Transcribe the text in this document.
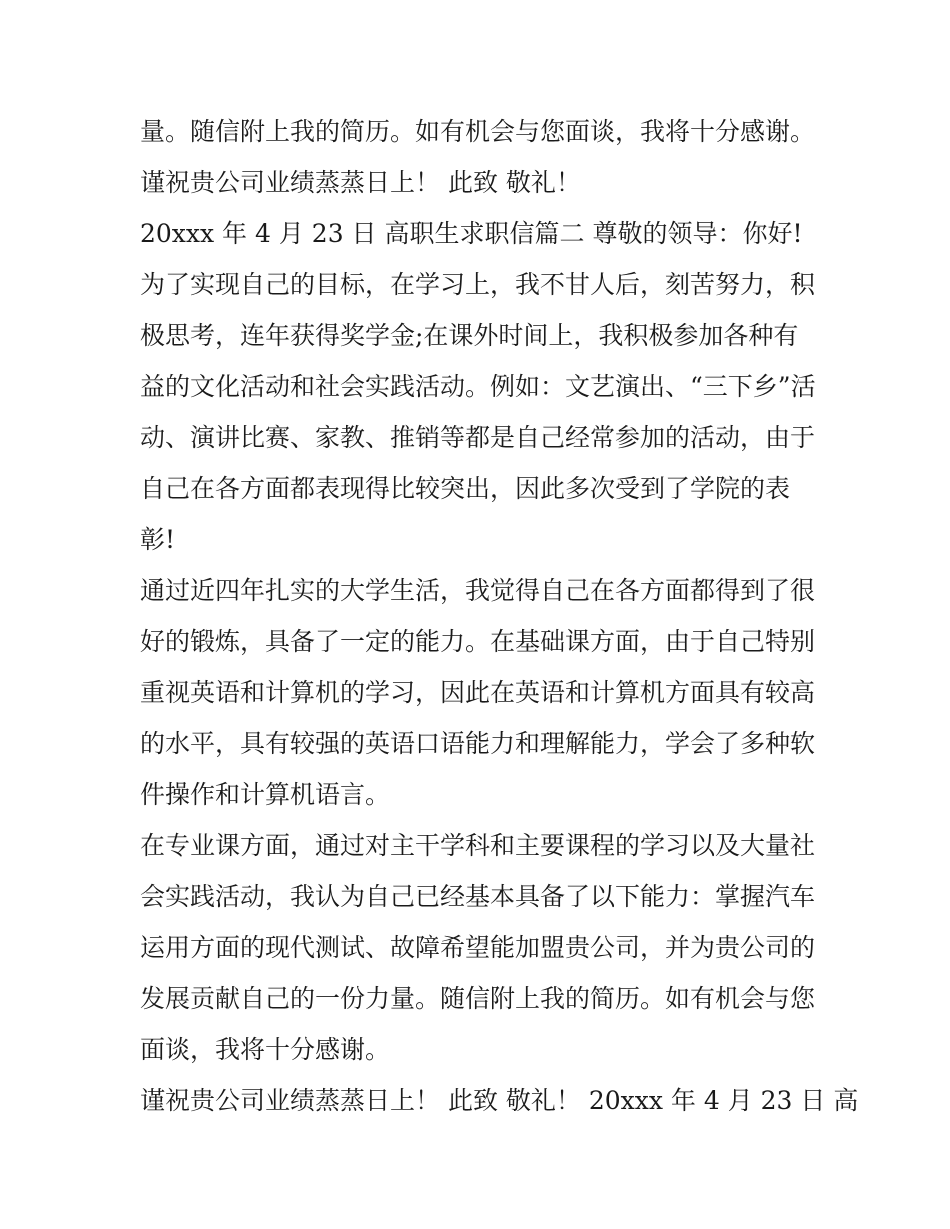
量。随信附上我的简历。如有机会与您面谈，我将十分感谢。
谨祝贵公司业绩蒸蒸日上！ 此致 敬礼！
20xxx 年 4 月 23 日 高职生求职信篇二 尊敬的领导：你好!
为了实现自己的目标，在学习上，我不甘人后，刻苦努力，积
极思考，连年获得奖学金;在课外时间上，我积极参加各种有
益的文化活动和社会实践活动。例如：文艺演出、“三下乡”活
动、演讲比赛、家教、推销等都是自己经常参加的活动，由于
自己在各方面都表现得比较突出，因此多次受到了学院的表
彰!
通过近四年扎实的大学生活，我觉得自己在各方面都得到了很
好的锻炼，具备了一定的能力。在基础课方面，由于自己特别
重视英语和计算机的学习，因此在英语和计算机方面具有较高
的水平，具有较强的英语口语能力和理解能力，学会了多种软
件操作和计算机语言。
在专业课方面，通过对主干学科和主要课程的学习以及大量社
会实践活动，我认为自己已经基本具备了以下能力：掌握汽车
运用方面的现代测试、故障希望能加盟贵公司，并为贵公司的
发展贡献自己的一份力量。随信附上我的简历。如有机会与您
面谈，我将十分感谢。
谨祝贵公司业绩蒸蒸日上！ 此致 敬礼！ 20xxx 年 4 月 23 日 高
